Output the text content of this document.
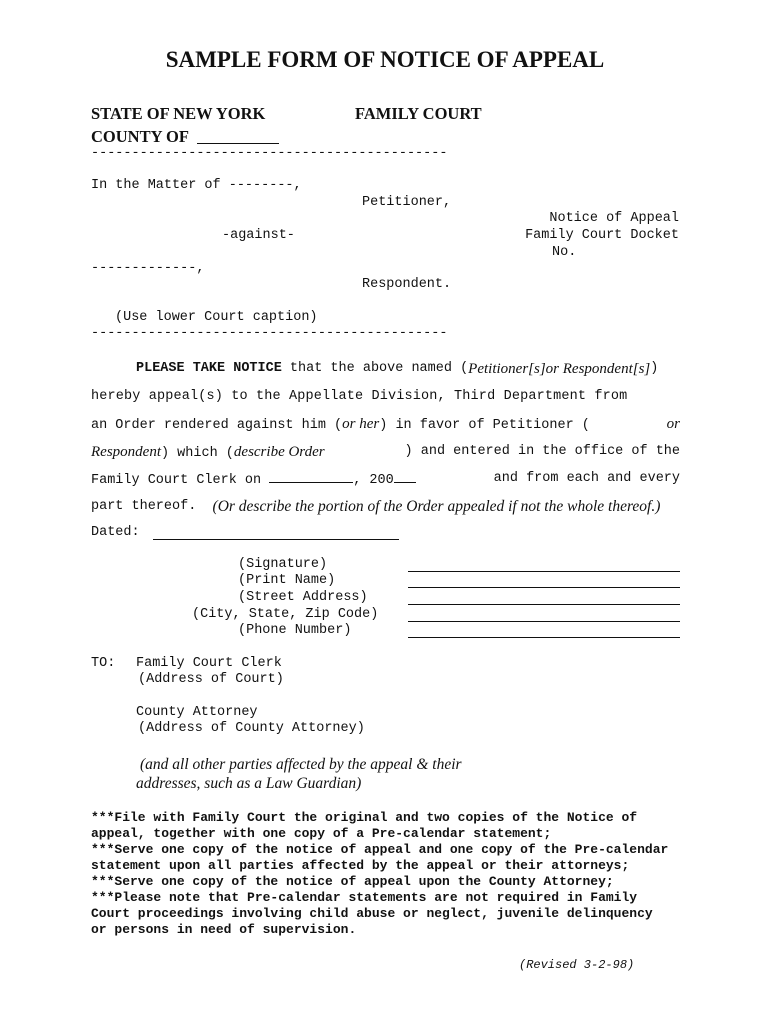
SAMPLE FORM OF NOTICE OF APPEAL
STATE OF NEW YORK	FAMILY COURT
COUNTY OF
--------------------------------------------
In the Matter of --------,
Petitioner,
Notice of Appeal
-against-	Family Court Docket
No.
-------------,
Respondent.
(Use lower Court caption)
--------------------------------------------
PLEASE TAKE NOTICE that the above named ( Petitioner[s]or Respondent[s] )
hereby appeal(s) to the Appellate Division, Third Department from
an Order rendered against him (or her) in favor of Petitioner (	or
Respondent) which (describe Order	) and entered in the office of the
Family Court Clerk on	, 200	and from each and every
part thereof. (Or describe the portion of the Order appealed if not the whole thereof.)
Dated:
(Signature)
(Print Name)
(Street Address)
(City, State, Zip Code)
(Phone Number)
TO: Family Court Clerk
(Address of Court)
County Attorney
(Address of County Attorney)
(and all other parties affected by the appeal & their
addresses, such as a Law Guardian)
***File with Family Court the original and two copies of the Notice of
appeal, together with one copy of a Pre-calendar statement;
***Serve one copy of the notice of appeal and one copy of the Pre-calendar
statement upon all parties affected by the appeal or their attorneys;
***Serve one copy of the notice of appeal upon the County Attorney;
***Please note that Pre-calendar statements are not required in Family
Court proceedings involving child abuse or neglect, juvenile delinquency
or persons in need of supervision.
(Revised 3-2-98)
